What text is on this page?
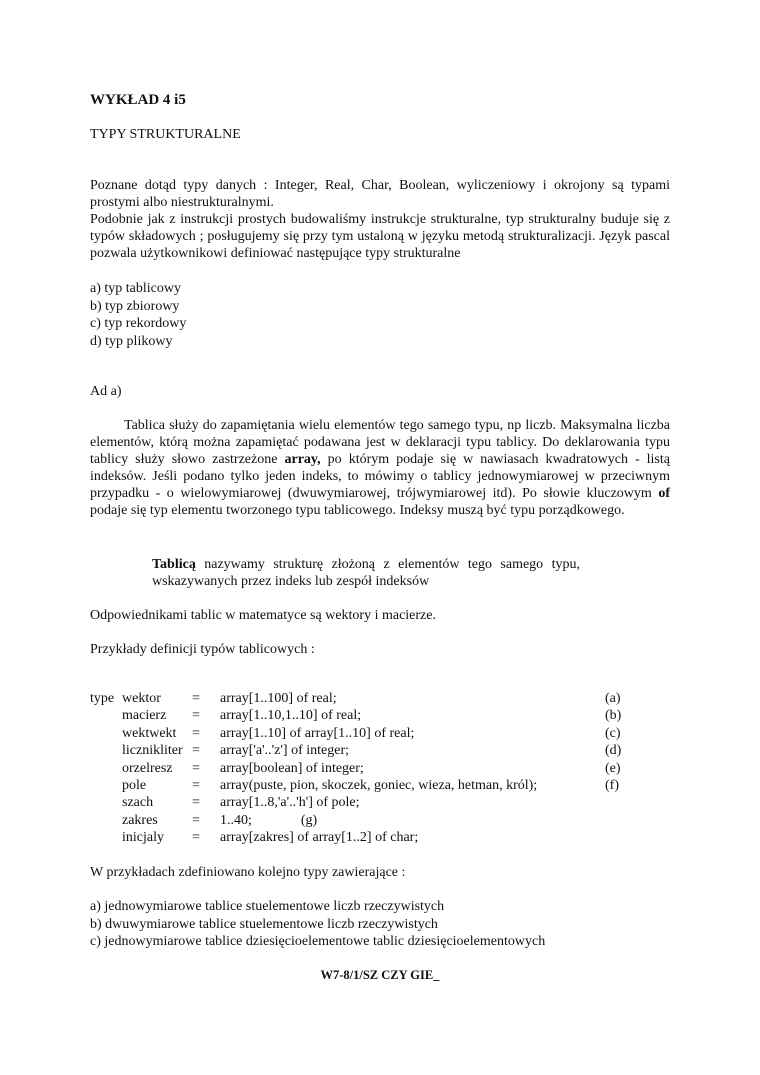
WYKŁAD 4 i5
TYPY STRUKTURALNE
Poznane dotąd typy danych : Integer, Real, Char, Boolean, wyliczeniowy i okrojony są typami prostymi albo niestrukturalnymi.
Podobnie jak z instrukcji prostych budowaliśmy instrukcje strukturalne, typ strukturalny buduje się z typów składowych ; posługujemy się przy tym ustaloną w języku metodą strukturalizacji. Język pascal pozwala użytkownikowi definiować następujące typy strukturalne
a) typ tablicowy
b) typ zbiorowy
c) typ rekordowy
d) typ plikowy
Ad a)
Tablica służy do zapamiętania wielu elementów tego samego typu, np liczb. Maksymalna liczba elementów, którą można zapamiętać podawana jest w deklaracji typu tablicy. Do deklarowania typu tablicy służy słowo zastrzeżone array, po którym podaje się w nawiasach kwadratowych - listą indeksów. Jeśli podano tylko jeden indeks, to mówimy o tablicy jednowymiarowej w przeciwnym przypadku - o wielowymiarowej (dwuwymiarowej, trójwymiarowej itd). Po słowie kluczowym of podaje się typ elementu tworzonego typu tablicowego. Indeksy muszą być typu porządkowego.
Tablicą nazywamy strukturę złożoną z elementów tego samego typu, wskazywanych przez indeks lub zespół indeksów
Odpowiednikami tablic w matematyce są wektory i macierze.
Przykłady definicji typów tablicowych :
type wektor = array[1..100] of real;	(a)
macierz = array[1..10,1..10] of real;	(b)
wektwekt = array[1..10] of array[1..10] of real;	(c)
licznikliter = array['a'..'z'] of integer;	(d)
orzelresz = array[boolean] of integer;	(e)
pole	= array(puste, pion, skoczek, goniec, wieza, hetman, król);	(f)
szach	= array[1..8,'a'..'h'] of pole;
zakres = 1..40;              (g)
inicjaly = array[zakres] of array[1..2] of char;
W przykładach zdefiniowano kolejno typy zawierające :
a) jednowymiarowe tablice stuelementowe liczb rzeczywistych
b) dwuwymiarowe tablice stuelementowe liczb rzeczywistych
c) jednowymiarowe tablice dziesięcioelementowe tablic dziesięcioelementowych
W7-8/1/SZ CZY GIE_
